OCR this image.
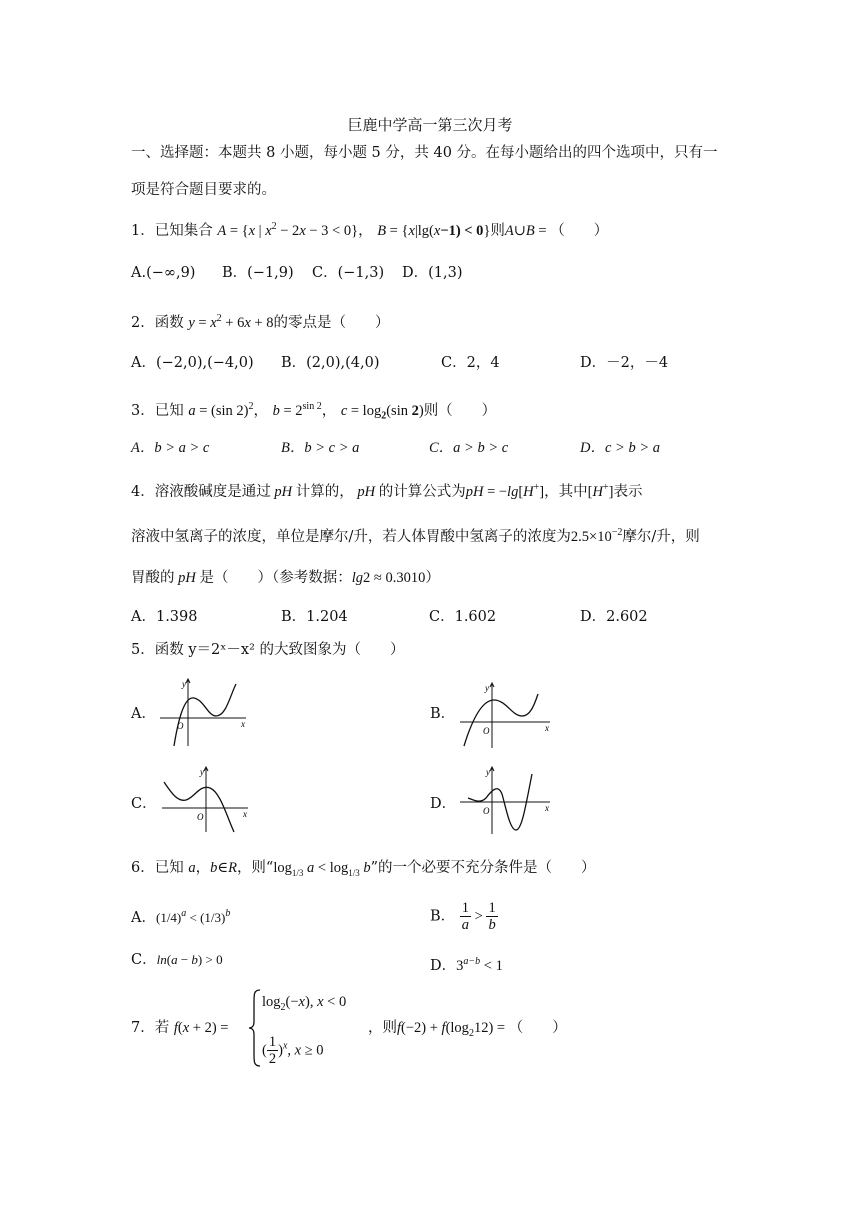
巨鹿中学高一第三次月考
一、选择题：本题共 8 小题，每小题 5 分，共 40 分。在每小题给出的四个选项中，只有一
项是符合题目要求的。
1．已知集合 A = {x | $x^2 - 2x - 3 < 0$}， B = {x|lg(x−1) < 0}则A∪B = （　　）
A.(−∞,9) B．(−1,9) C．(−1,3) D．(1,3)
2．函数 $y = x^2 + 6x + 8$的零点是（　　）
A．(−2,0),(−4,0) B．(2,0),(4,0)	C．2，4	D．－2，－4
3．已知 a = (sin 2)$^2$， $b = 2^{sin 2}$， $c = \log_2(\sin$ 2)则（　　）
A．b > a > c	B．b > c > a	C．a > b > c	D．c > b > a
4．溶液酸碱度是通过 pH 计算的， pH 的计算公式为pH = −lg[H+]，其中[H+]表示
溶液中氢离子的浓度，单位是摩尔/升，若人体胃酸中氢离子的浓度为$2.5\times 10^{-2}$摩尔/升，则
胃酸的 pH 是（　　）（参考数据：lg2 ≈ 0.3010）
A．1.398	B．1.204	C．1.602	D．2.602
5．函数 y＝2ˣ－x² 的大致图象为（　　）
A．
y
x
O
B．
y
x
O
C．
y
x
O
D．
y
x
O
6．已知 a，b∈R，则“$\log_{1/3}$ $a < \log_{1/3} b$”的一个必要不充分条件是（　　）
A．$(1/4)^a < (1/3)^b$	B． $\frac{1}{a} > \frac{1}{b}$
C．ln(a − b) > 0	D．$3^{a-b} < 1$
7．若 f(x + 2) =
$\log_2(-x)$, x < 0
( $\frac{1}{2} )^x$, x ≥ 0
，则$f(-2) + f(\log_212)$ = （　　）
